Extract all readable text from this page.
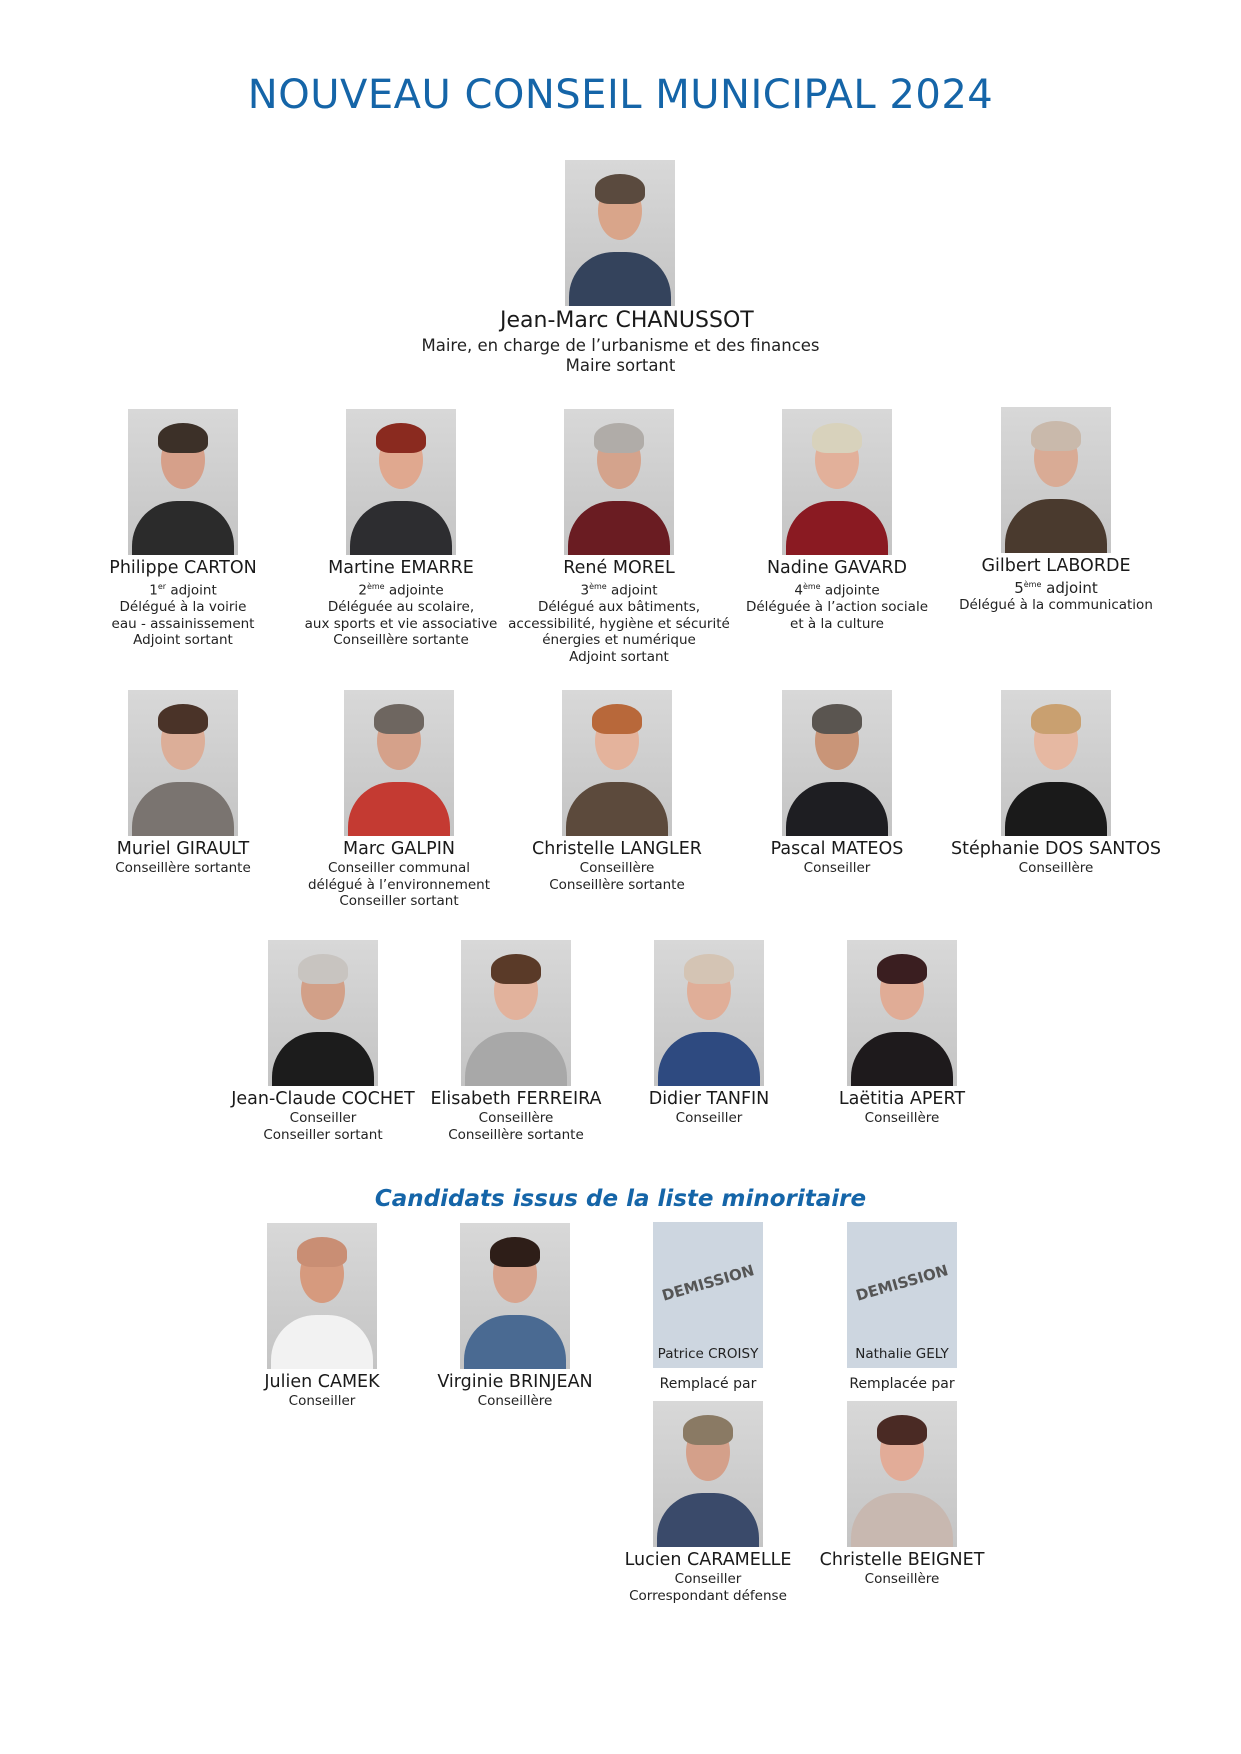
NOUVEAU CONSEIL MUNICIPAL 2024
Jean-Marc CHANUSSOT
Maire, en charge de l’urbanisme et des finances
Maire sortant
Philippe CARTON
1er adjoint
Délégué à la voirie
eau - assainissement
Adjoint sortant
Martine EMARRE
2ème adjointe
Déléguée au scolaire,
aux sports et vie associative
Conseillère sortante
René MOREL
3ème adjoint
Délégué aux bâtiments,
accessibilité, hygiène et sécurité
énergies et numérique
Adjoint sortant
Nadine GAVARD
4ème adjointe
Déléguée à l’action sociale
et à la culture
Gilbert LABORDE
5ème adjoint
Délégué à la communication
Muriel GIRAULT
Conseillère sortante
Marc GALPIN
Conseiller communal
délégué à l’environnement
Conseiller sortant
Christelle LANGLER
Conseillère
Conseillère sortante
Pascal MATEOS
Conseiller
Stéphanie DOS SANTOS
Conseillère
Jean-Claude COCHET
Conseiller
Conseiller sortant
Elisabeth FERREIRA
Conseillère
Conseillère sortante
Didier TANFIN
Conseiller
Laëtitia APERT
Conseillère
Candidats issus de la liste minoritaire
Julien CAMEK
Conseiller
Virginie BRINJEAN
Conseillère
DEMISSION
Patrice CROISY
Remplacé par
DEMISSION
Nathalie GELY
Remplacée par
Lucien CARAMELLE
Conseiller
Correspondant défense
Christelle BEIGNET
Conseillère
